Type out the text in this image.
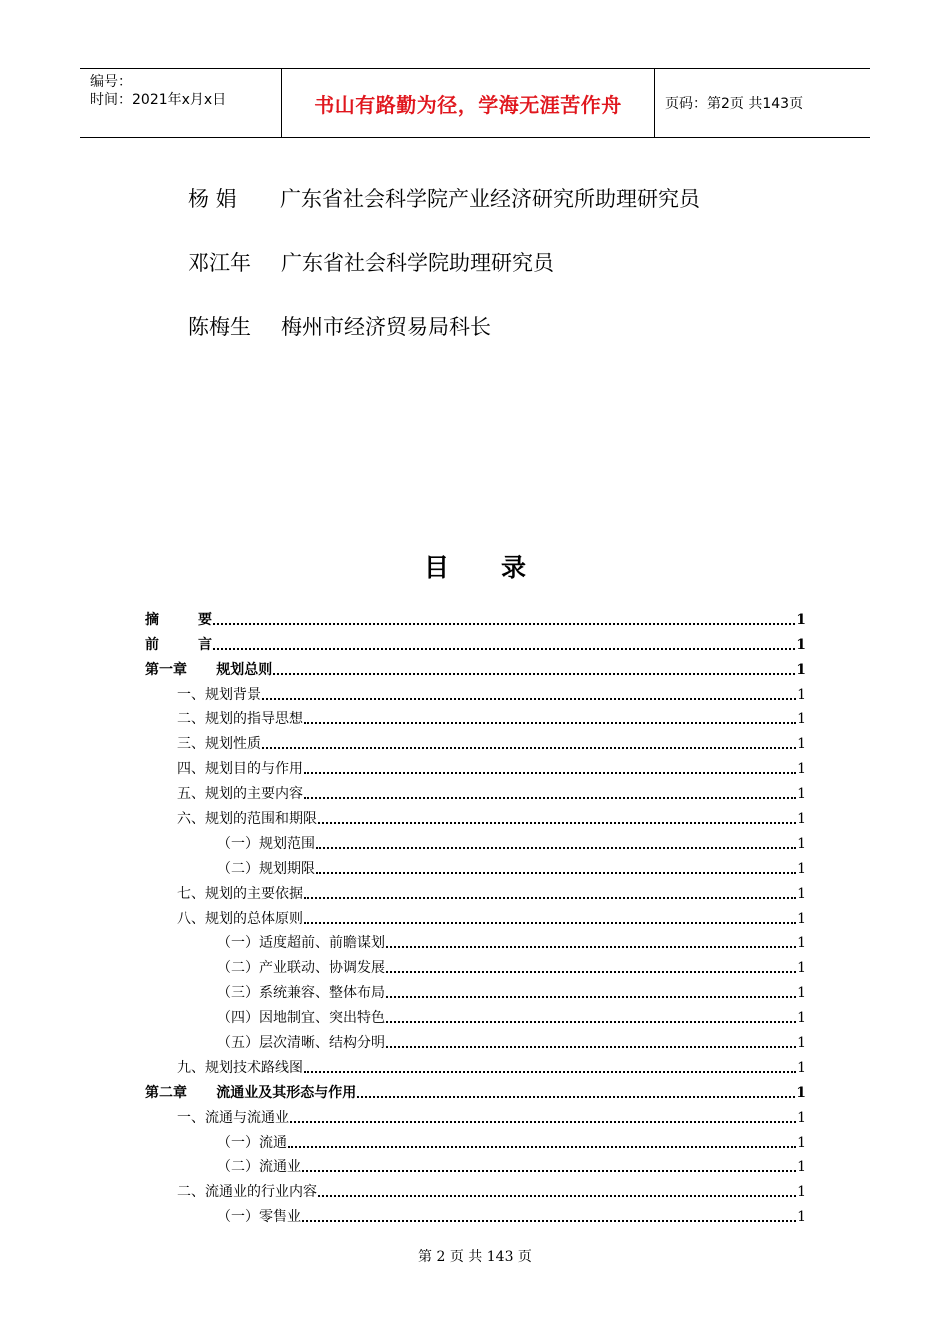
编号：
时间：2021年x月x日	书山有路勤为径，学海无涯苦作舟	页码：第2页 共143页
杨 娟	广东省社会科学院产业经济研究所助理研究员
邓江年	广东省社会科学院助理研究员
陈梅生	梅州市经济贸易局科长
目 录
摘        要	1
前        言	1
第一章      规划总则	1
一、规划背景	1
二、规划的指导思想	1
三、规划性质	1
四、规划目的与作用	1
五、规划的主要内容	1
六、规划的范围和期限	1
（一）规划范围	1
（二）规划期限	1
七、规划的主要依据	1
八、规划的总体原则	1
（一）适度超前、前瞻谋划	1
（二）产业联动、协调发展	1
（三）系统兼容、整体布局	1
（四）因地制宜、突出特色	1
（五）层次清晰、结构分明	1
九、规划技术路线图	1
第二章      流通业及其形态与作用	1
一、流通与流通业	1
（一）流通	1
（二）流通业	1
二、流通业的行业内容	1
（一）零售业	1
第 2 页 共 143 页
